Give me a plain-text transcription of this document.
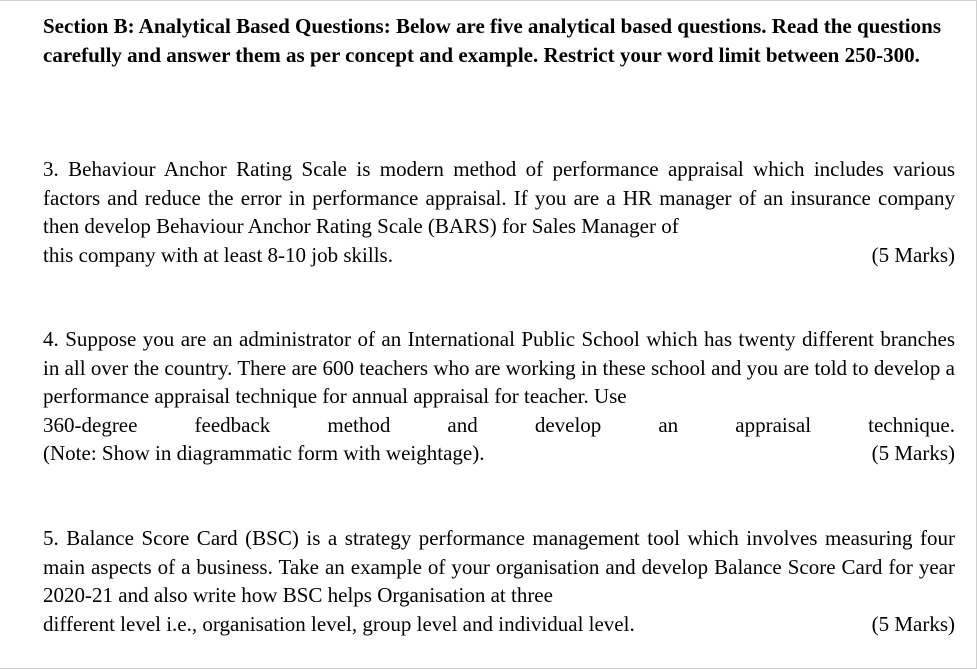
Section B: Analytical Based Questions: Below are five analytical based questions. Read the questions carefully and answer them as per concept and example. Restrict your word limit between 250-300.
3. Behaviour Anchor Rating Scale is modern method of performance appraisal which includes various factors and reduce the error in performance appraisal. If you are a HR manager of an insurance company then develop Behaviour Anchor Rating Scale (BARS) for Sales Manager of
this company with at least 8-10 job skills.	(5 Marks)
4. Suppose you are an administrator of an International Public School which has twenty different branches in all over the country. There are 600 teachers who are working in these school and you are told to develop a performance appraisal technique for annual appraisal for teacher. Use
360-degree	feedback	method	and	develop	an	appraisal	technique.
(Note: Show in diagrammatic form with weightage).	(5 Marks)
5. Balance Score Card (BSC) is a strategy performance management tool which involves measuring four main aspects of a business. Take an example of your organisation and develop Balance Score Card for year 2020-21 and also write how BSC helps Organisation at three
different level i.e., organisation level, group level and individual level.	(5 Marks)
